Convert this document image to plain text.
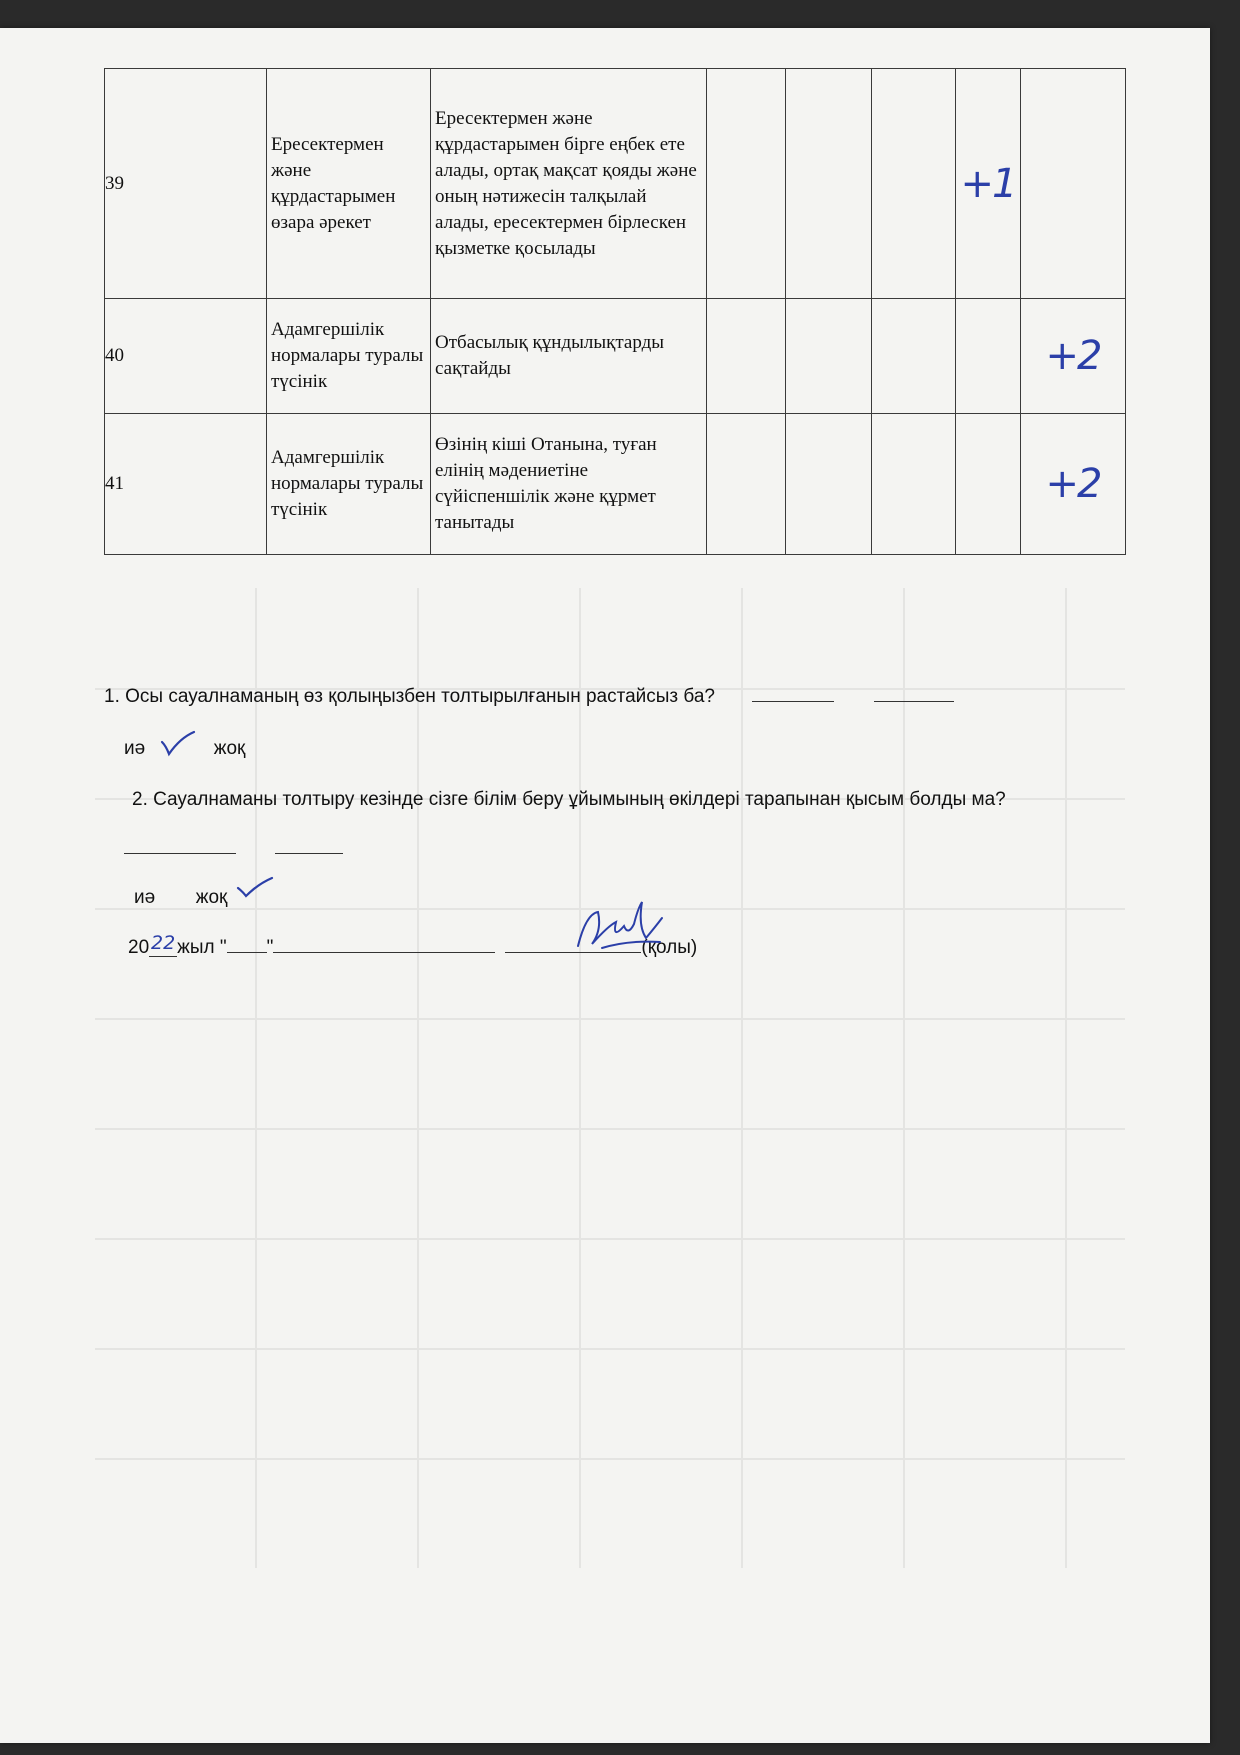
39	Ересектермен және құрдастарымен өзара әрекет	Ересектермен және құрдастарымен бірге еңбек ете алады, ортақ мақсат қояды және оның нәтижесін талқылай алады, ересектермен бірлескен қызметке қосылады				+1	
40	Адамгершілік нормалары туралы түсінік	Отбасылық құндылықтарды сақтайды					+2
41	Адамгершілік нормалары туралы түсінік	Өзінің кіші Отанына, туған елінің мәдениетіне сүйіспеншілік және құрмет танытады					+2
1. Осы сауалнаманың өз қолыңызбен толтырылғанын растайсыз ба?
иә	жоқ
2. Сауалнаманы толтыру кезінде сізге білім беру ұйымының өкілдері тарапынан қысым болды ма?

иә жоқ
20 22 жыл " "	(қолы)
